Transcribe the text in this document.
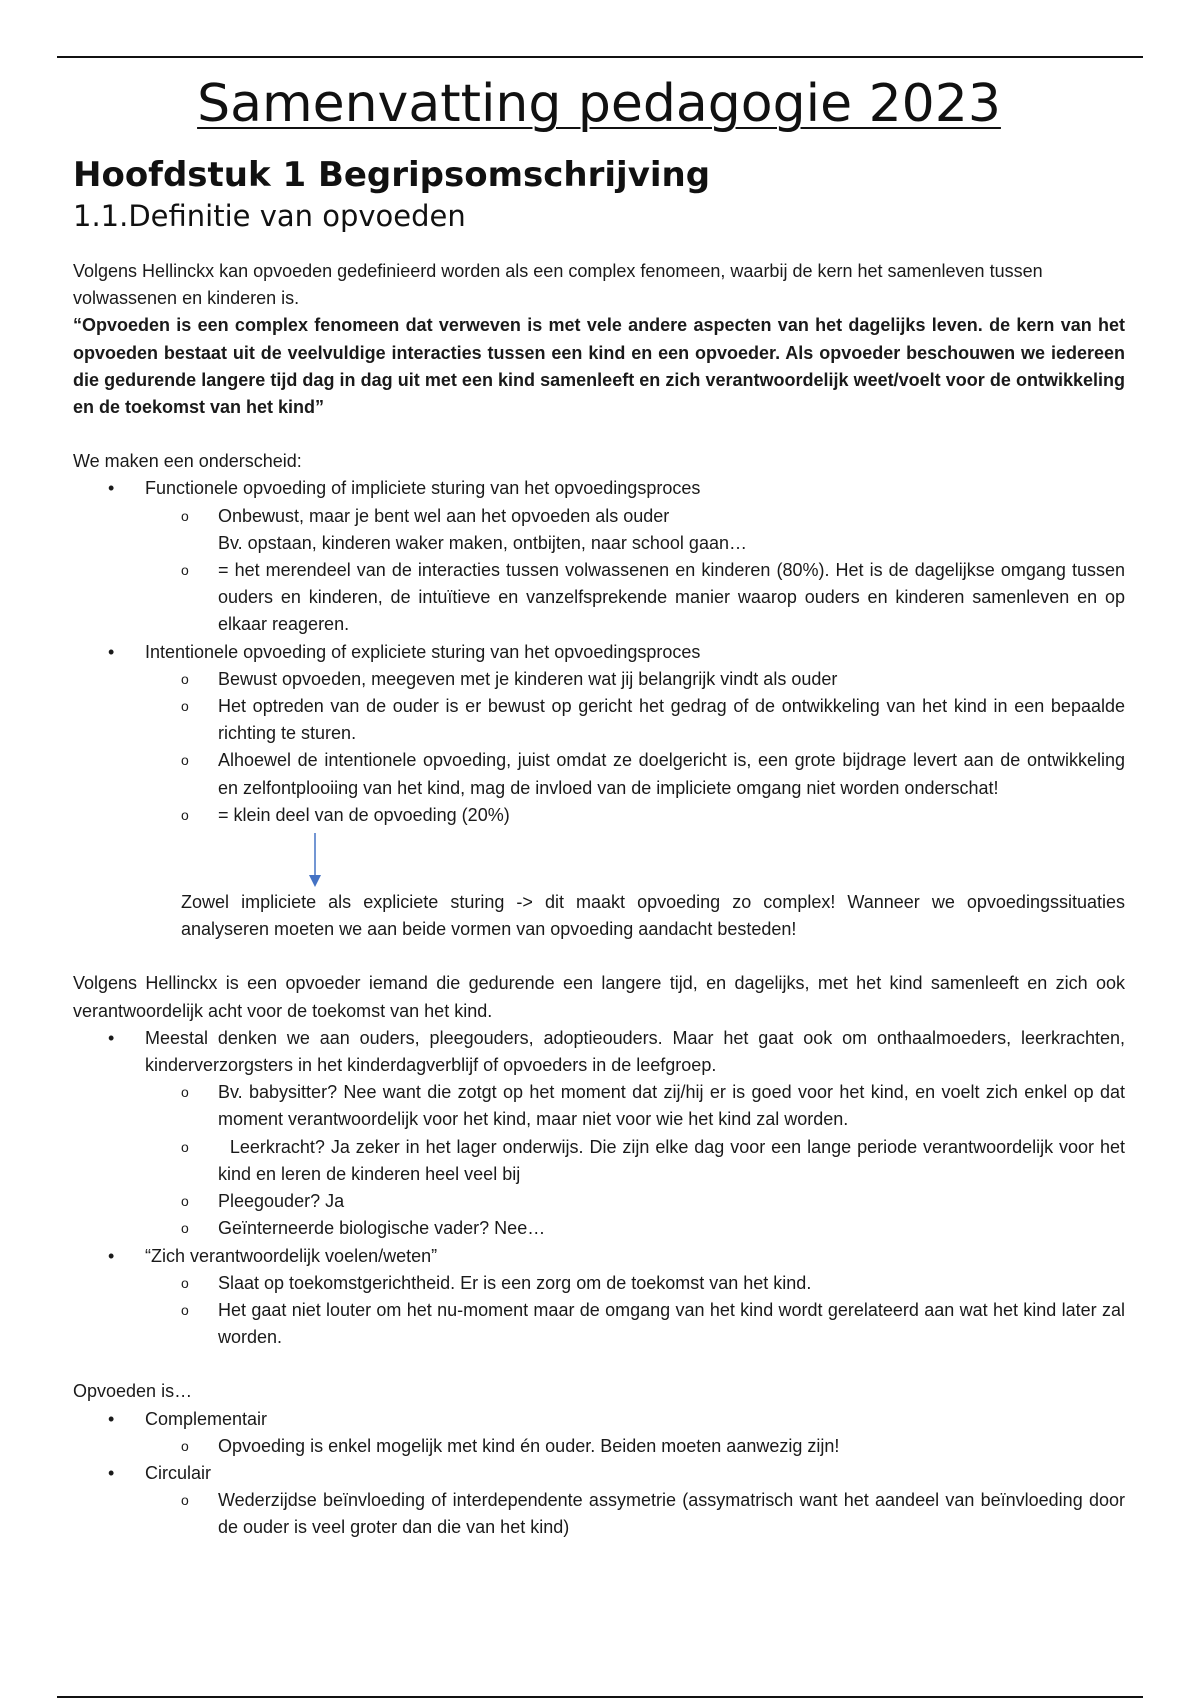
Samenvatting pedagogie 2023
Hoofdstuk 1 Begripsomschrijving
1.1.Definitie van opvoeden

Volgens Hellinckx kan opvoeden gedefinieerd worden als een complex fenomeen, waarbij de kern het samenleven tussen volwassenen en kinderen is.

“Opvoeden is een complex fenomeen dat verweven is met vele andere aspecten van het dagelijks leven. de kern van het opvoeden bestaat uit de veelvuldige interacties tussen een kind en een opvoeder. Als opvoeder beschouwen we iedereen die gedurende langere tijd dag in dag uit met een kind samenleeft en zich verantwoordelijk weet/voelt voor de ontwikkeling en de toekomst van het kind”

We maken een onderscheid:

• Functionele opvoeding of impliciete sturing van het opvoedingsproces
o Onbewust, maar je bent wel aan het opvoeden als ouder
Bv. opstaan, kinderen waker maken, ontbijten, naar school gaan…
o = het merendeel van de interacties tussen volwassenen en kinderen (80%). Het is de dagelijkse omgang tussen ouders en kinderen, de intuïtieve en vanzelfsprekende manier waarop ouders en kinderen samenleven en op elkaar reageren.
• Intentionele opvoeding of expliciete sturing van het opvoedingsproces
o Bewust opvoeden, meegeven met je kinderen wat jij belangrijk vindt als ouder
o Het optreden van de ouder is er bewust op gericht het gedrag of de ontwikkeling van het kind in een bepaalde richting te sturen.
o Alhoewel de intentionele opvoeding, juist omdat ze doelgericht is, een grote bijdrage levert aan de ontwikkeling en zelfontplooiing van het kind, mag de invloed van de impliciete omgang niet worden onderschat!
o = klein deel van de opvoeding (20%)

Zowel impliciete als expliciete sturing -> dit maakt opvoeding zo complex! Wanneer we opvoedingssituaties analyseren moeten we aan beide vormen van opvoeding aandacht besteden!

Volgens Hellinckx is een opvoeder iemand die gedurende een langere tijd, en dagelijks, met het kind samenleeft en zich ook verantwoordelijk acht voor de toekomst van het kind.

• Meestal denken we aan ouders, pleegouders, adoptieouders. Maar het gaat ook om onthaalmoeders, leerkrachten, kinderverzorgsters in het kinderdagverblijf of opvoeders in de leefgroep.
o Bv. babysitter? Nee want die zotgt op het moment dat zij/hij er is goed voor het kind, en voelt zich enkel op dat moment verantwoordelijk voor het kind, maar niet voor wie het kind zal worden.
o Leerkracht? Ja zeker in het lager onderwijs. Die zijn elke dag voor een lange periode verantwoordelijk voor het kind en leren de kinderen heel veel bij
o Pleegouder? Ja
o Geïnterneerde biologische vader? Nee…
• “Zich verantwoordelijk voelen/weten”
o Slaat op toekomstgerichtheid. Er is een zorg om de toekomst van het kind.
o Het gaat niet louter om het nu-moment maar de omgang van het kind wordt gerelateerd aan wat het kind later zal worden.

Opvoeden is…

• Complementair
o Opvoeding is enkel mogelijk met kind én ouder. Beiden moeten aanwezig zijn!
• Circulair
o Wederzijdse beïnvloeding of interdependente assymetrie (assymatrisch want het aandeel van beïnvloeding door de ouder is veel groter dan die van het kind)
